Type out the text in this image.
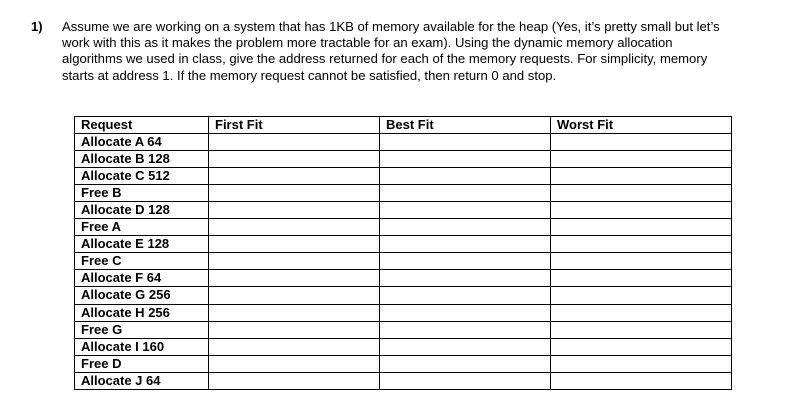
1) Assume we are working on a system that has 1KB of memory available for the heap (Yes, it’s pretty small but let’s work with this as it makes the problem more tractable for an exam). Using the dynamic memory allocation algorithms we used in class, give the address returned for each of the memory requests. For simplicity, memory starts at address 1. If the memory request cannot be satisfied, then return 0 and stop.
Request	First Fit	Best Fit	Worst Fit
Allocate A 64			
Allocate B 128			
Allocate C 512			
Free B			
Allocate D 128			
Free A			
Allocate E 128			
Free C			
Allocate F 64			
Allocate G 256			
Allocate H 256			
Free G			
Allocate I 160			
Free D			
Allocate J 64			
